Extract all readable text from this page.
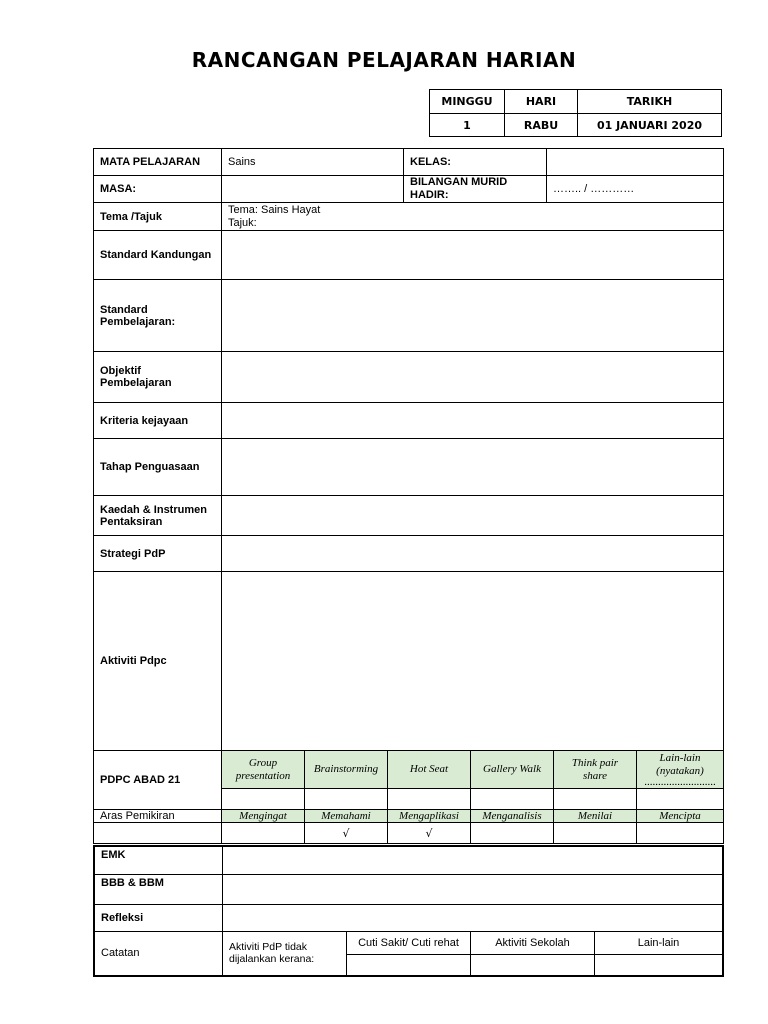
RANCANGAN PELAJARAN HARIAN
MINGGU	HARI	TARIKH
1	RABU	01 JANUARI 2020
MATA PELAJARAN	Sains	KELAS:	
MASA:		BILANGAN MURID HADIR:	…….. / …………
Tema /Tajuk	Tema: Sains Hayat
Tajuk:

Standard Kandungan	
Standard Pembelajaran:	
Objektif Pembelajaran	
Kriteria kejayaan	
Tahap Penguasaan	
Kaedah & Instrumen Pentaksiran	
Strategi PdP	
Aktiviti Pdpc	
PDPC ABAD 21	Group presentation	Brainstorming	Hot Seat	Gallery Walk	Think pair share	Lain-lain (nyatakan)
..........................

Aras Pemikiran	Mengingat	Memahami	Mengaplikasi	Menganalisis	Menilai	Mencipta
		√	√			
EMK				
BBB & BBM				
Refleksi				
Catatan	Aktiviti PdP tidak dijalankan kerana:	Cuti Sakit/ Cuti rehat	Aktiviti Sekolah	Lain-lain
